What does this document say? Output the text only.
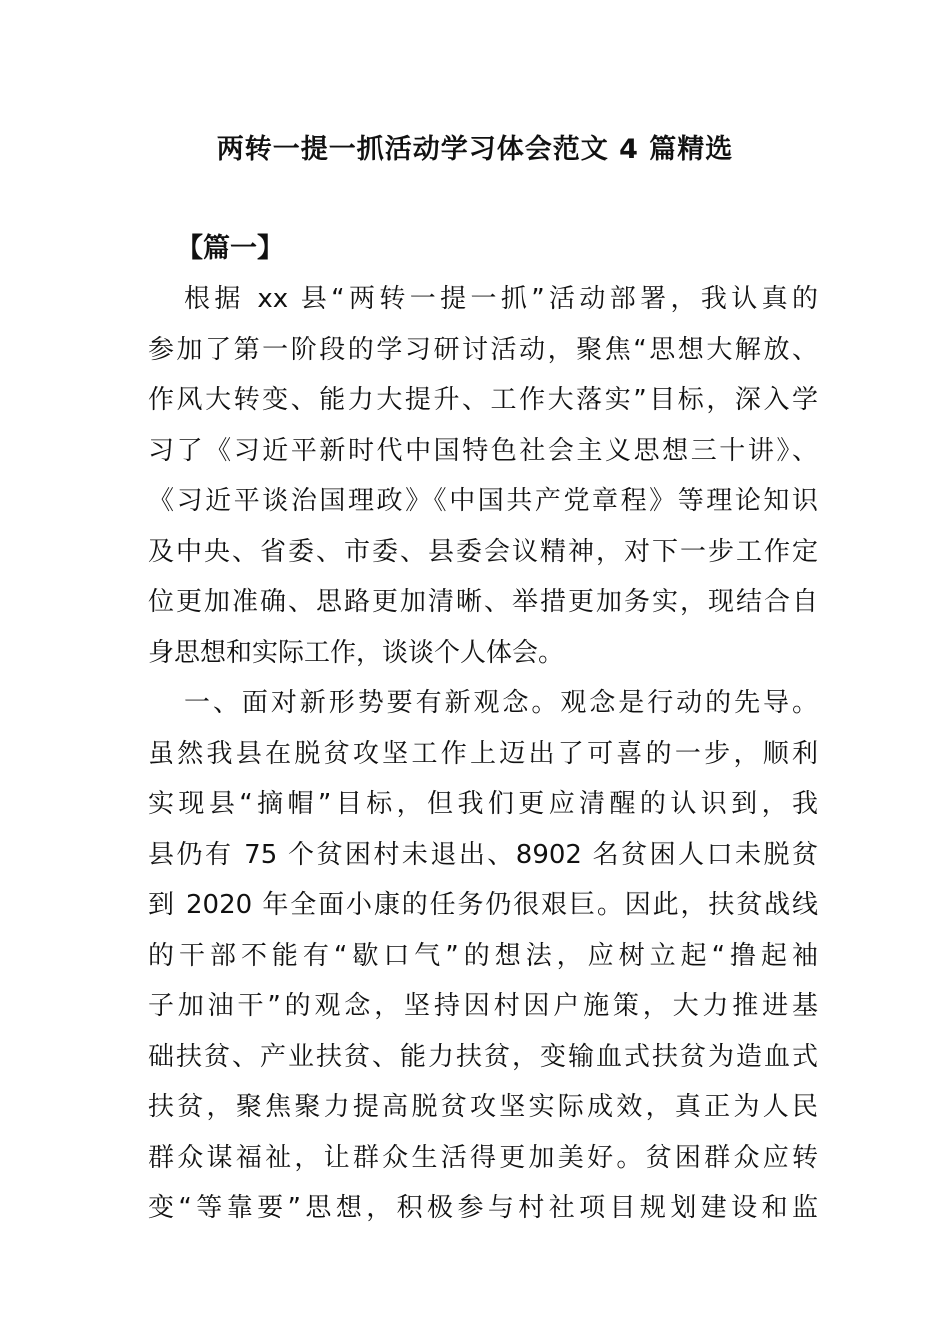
两转一提一抓活动学习体会范文 4 篇精选
【篇一】
根据 xx 县“两转一提一抓”活动部署，我认真的
参加了第一阶段的学习研讨活动，聚焦“思想大解放、
作风大转变、能力大提升、工作大落实”目标，深入学
习了《习近平新时代中国特色社会主义思想三十讲》、
《习近平谈治国理政》《中国共产党章程》等理论知识
及中央、省委、市委、县委会议精神，对下一步工作定
位更加准确、思路更加清晰、举措更加务实，现结合自
身思想和实际工作，谈谈个人体会。
一、面对新形势要有新观念。观念是行动的先导。
虽然我县在脱贫攻坚工作上迈出了可喜的一步，顺利
实现县“摘帽”目标，但我们更应清醒的认识到，我
县仍有 75 个贫困村未退出、8902 名贫困人口未脱贫
到 2020 年全面小康的任务仍很艰巨。因此，扶贫战线
的干部不能有“歇口气”的想法，应树立起“撸起袖
子加油干”的观念，坚持因村因户施策，大力推进基
础扶贫、产业扶贫、能力扶贫，变输血式扶贫为造血式
扶贫，聚焦聚力提高脱贫攻坚实际成效，真正为人民
群众谋福祉，让群众生活得更加美好。贫困群众应转
变“等靠要”思想，积极参与村社项目规划建设和监
